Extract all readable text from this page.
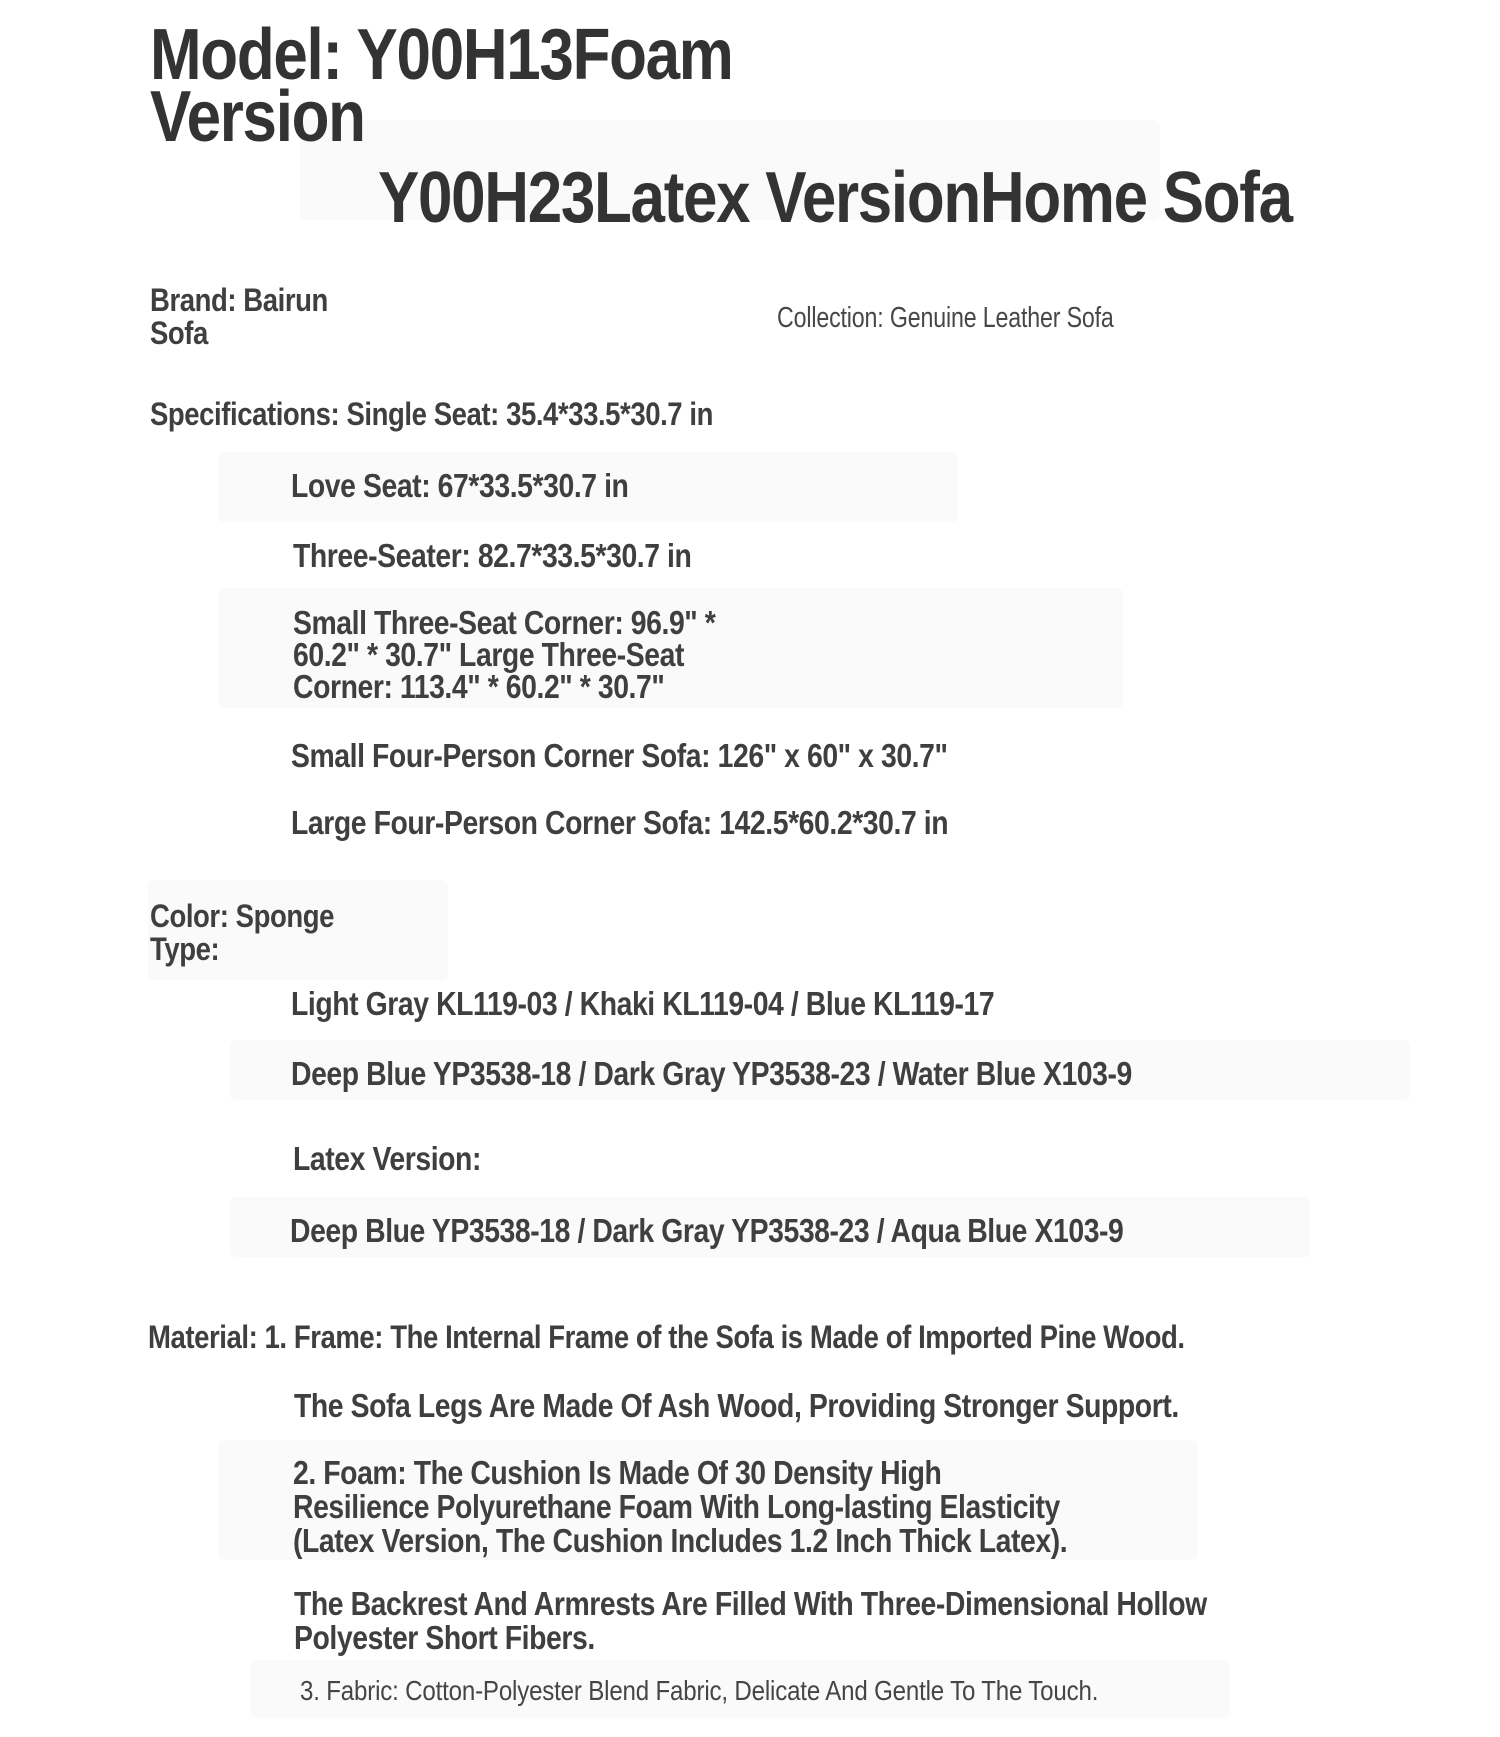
Model: Y00H13Foam
Version
Y00H23Latex VersionHome Sofa
Brand: Bairun
Sofa	Collection: Genuine Leather Sofa
Specifications: Single Seat: 35.4*33.5*30.7 in
Love Seat: 67*33.5*30.7 in
Three-Seater: 82.7*33.5*30.7 in
Small Three-Seat Corner: 96.9" *
60.2" * 30.7" Large Three-Seat
Corner: 113.4" * 60.2" * 30.7"
Small Four-Person Corner Sofa: 126" x 60" x 30.7"
Large Four-Person Corner Sofa: 142.5*60.2*30.7 in
Color: Sponge
Type:
Light Gray KL119-03 / Khaki KL119-04 / Blue KL119-17
Deep Blue YP3538-18 / Dark Gray YP3538-23 / Water Blue X103-9
Latex Version:
Deep Blue YP3538-18 / Dark Gray YP3538-23 / Aqua Blue X103-9
Material: 1. Frame: The Internal Frame of the Sofa is Made of Imported Pine Wood.
The Sofa Legs Are Made Of Ash Wood, Providing Stronger Support.
2. Foam: The Cushion Is Made Of 30 Density High
Resilience Polyurethane Foam With Long-lasting Elasticity
(Latex Version, The Cushion Includes 1.2 Inch Thick Latex).
The Backrest And Armrests Are Filled With Three-Dimensional Hollow
Polyester Short Fibers.
3. Fabric: Cotton-Polyester Blend Fabric, Delicate And Gentle To The Touch.
